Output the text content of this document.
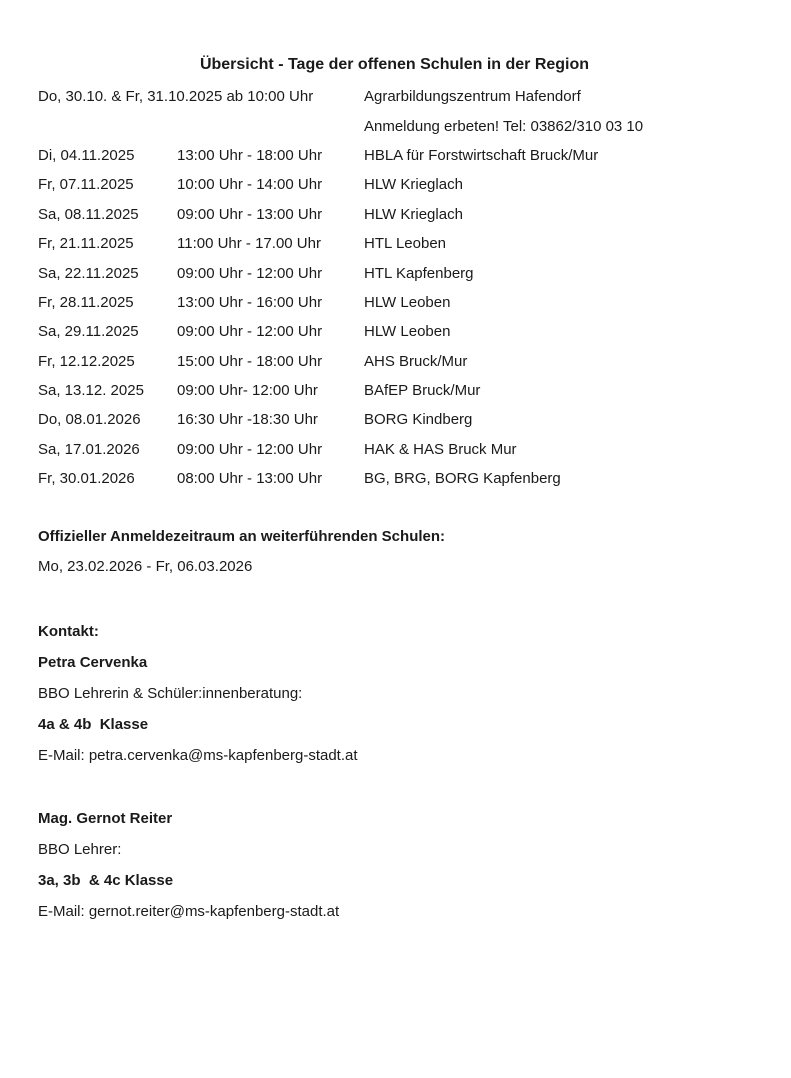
Übersicht - Tage der offenen Schulen in der Region
Do, 30.10. & Fr, 31.10.2025 ab 10:00 Uhr	Agrarbildungszentrum Hafendorf
Anmeldung erbeten! Tel: 03862/310 03 10
Di, 04.11.2025	13:00 Uhr - 18:00 Uhr	HBLA für Forstwirtschaft Bruck/Mur
Fr, 07.11.2025	10:00 Uhr - 14:00 Uhr	HLW Krieglach
Sa, 08.11.2025	09:00 Uhr - 13:00 Uhr	HLW Krieglach
Fr, 21.11.2025	11:00 Uhr - 17.00 Uhr	HTL Leoben
Sa, 22.11.2025	09:00 Uhr - 12:00 Uhr	HTL Kapfenberg
Fr, 28.11.2025	13:00 Uhr - 16:00 Uhr	HLW Leoben
Sa, 29.11.2025	09:00 Uhr - 12:00 Uhr	HLW Leoben
Fr, 12.12.2025	15:00 Uhr - 18:00 Uhr	AHS Bruck/Mur
Sa, 13.12. 2025	09:00 Uhr- 12:00 Uhr	BAfEP Bruck/Mur
Do, 08.01.2026	16:30 Uhr -18:30 Uhr	BORG Kindberg
Sa, 17.01.2026	09:00 Uhr - 12:00 Uhr	HAK & HAS Bruck Mur
Fr, 30.01.2026	08:00 Uhr - 13:00 Uhr	BG, BRG, BORG Kapfenberg
Offizieller Anmeldezeitraum an weiterführenden Schulen:
Mo, 23.02.2026 - Fr, 06.03.2026
Kontakt:
Petra Cervenka
BBO Lehrerin & Schüler:innenberatung:
4a & 4b  Klasse
E-Mail: petra.cervenka@ms-kapfenberg-stadt.at
Mag. Gernot Reiter
BBO Lehrer:
3a, 3b  & 4c Klasse
E-Mail: gernot.reiter@ms-kapfenberg-stadt.at
